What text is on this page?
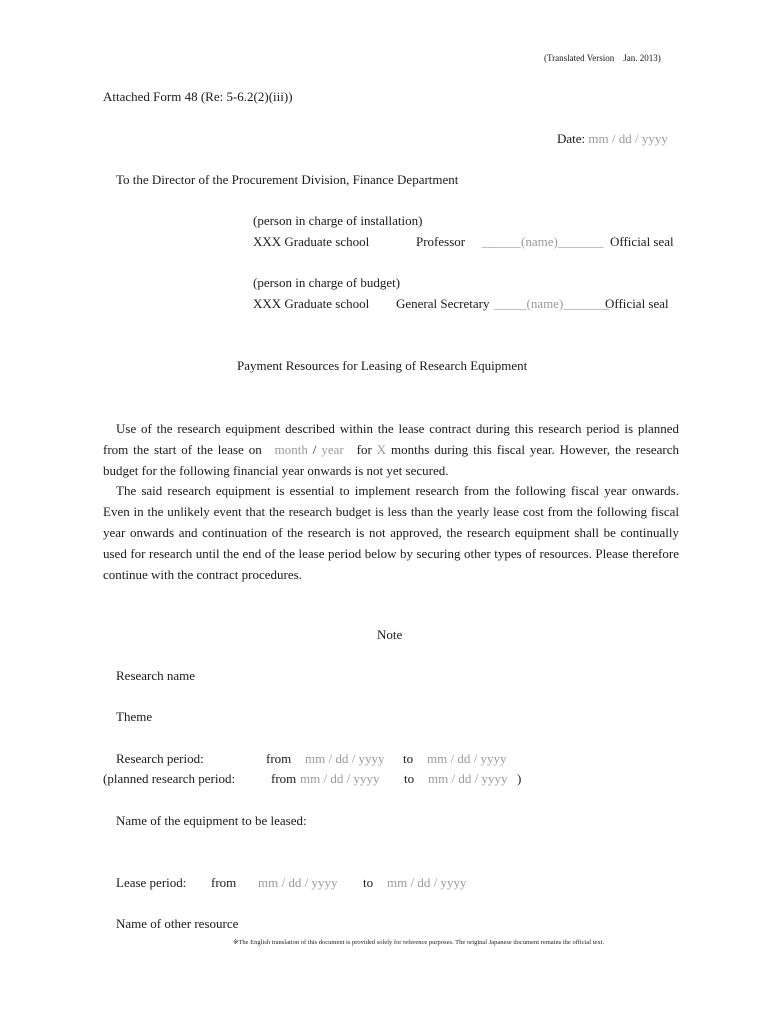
(Translated Version　Jan. 2013)
Attached Form 48 (Re: 5-6.2(2)(iii))
Date: mm / dd / yyyy
To the Director of the Procurement Division, Finance Department
(person in charge of installation)
XXX Graduate school	Professor ______(name)_______ Official seal
(person in charge of budget)
XXX Graduate school General Secretary _____(name)_______
Official seal
Payment Resources for Leasing of Research Equipment
Use of the research equipment described within the lease contract during this research period is planned from the start of the lease on month / year for X months during this fiscal year. However, the research budget for the following financial year onwards is not yet secured.
The said research equipment is essential to implement research from the following fiscal year onwards. Even in the unlikely event that the research budget is less than the yearly lease cost from the following fiscal year onwards and continuation of the research is not approved, the research equipment shall be continually used for research until the end of the lease period below by securing other types of resources. Please therefore continue with the contract procedures.
Note
Research name
Theme
Research period:	from mm / dd / yyyy to mm / dd / yyyy
(planned research period:	from mm / dd / yyyy to mm / dd / yyyy )
Name of the equipment to be leased:
Lease period: from mm / dd / yyyy to mm / dd / yyyy
Name of other resource
※The English translation of this document is provided solely for reference purposes. The original Japanese document remains the official text.
